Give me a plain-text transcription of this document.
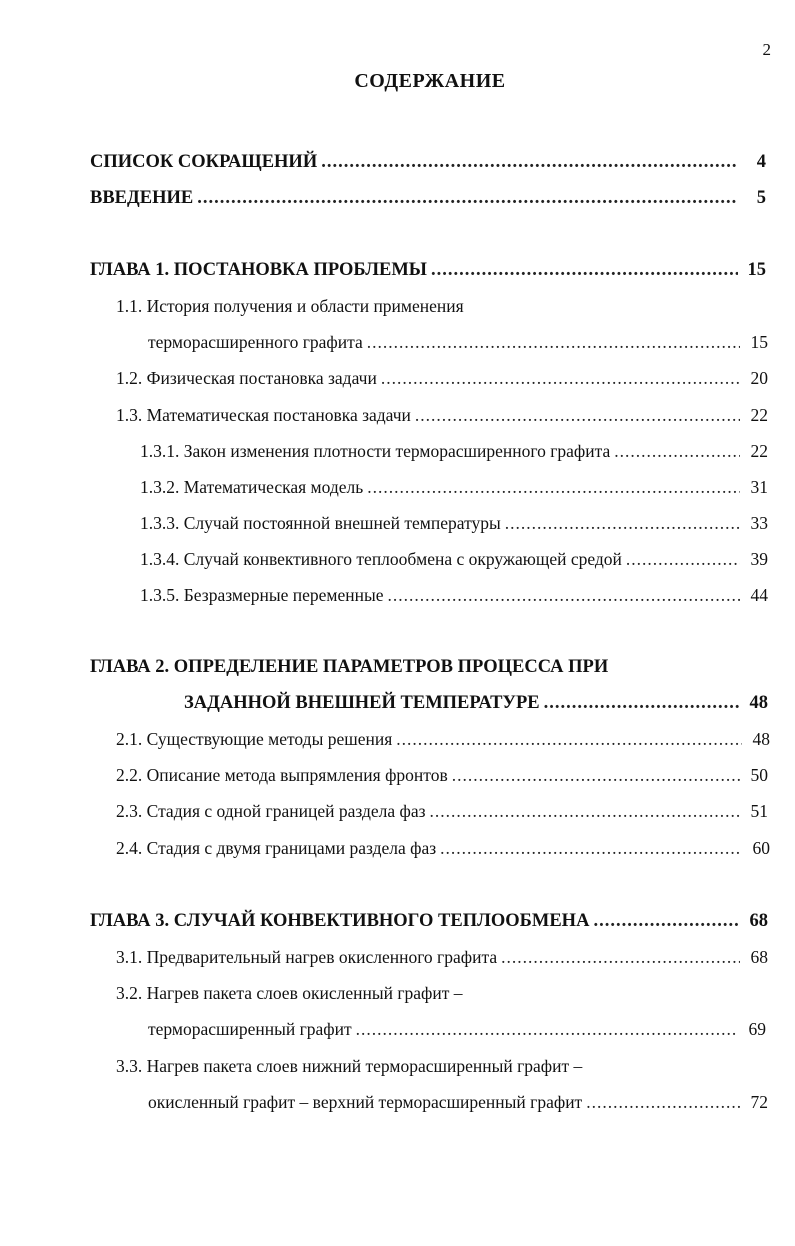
2
СОДЕРЖАНИЕ
СПИСОК СОКРАЩЕНИЙ .....	4
ВВЕДЕНИЕ .....	5
ГЛАВА 1.
ПОСТАНОВКА ПРОБЛЕМЫ .....	15
1.1. История получения и области применения
терморасширенного графита .....	15
1.2.
Физическая постановка задачи .....	20
1.3.
Математическая постановка задачи .....	22
1.3.1.
Закон изменения плотности терморасширенного графита .....	22
1.3.2.
Математическая модель .....	31
1.3.3.
Случай постоянной внешней температуры .....	33
1.3.4.
Случай конвективного теплообмена с окружающей средой .....	39
1.3.5.
Безразмерные переменные .....	44
ГЛАВА 2. ОПРЕДЕЛЕНИЕ ПАРАМЕТРОВ ПРОЦЕССА ПРИ
ЗАДАННОЙ ВНЕШНЕЙ ТЕМПЕРАТУРЕ .....	48
2.1.
Существующие методы решения .....	48
2.2.
Описание метода выпрямления фронтов .....	50
2.3.
Стадия с одной границей раздела фаз .....	51
2.4.
Стадия с двумя границами раздела фаз .....	60
ГЛАВА 3.
СЛУЧАЙ КОНВЕКТИВНОГО ТЕПЛООБМЕНА .....	68
3.1.
Предварительный нагрев окисленного графита .....	68
3.2. Нагрев пакета слоев окисленный графит –
терморасширенный графит .....	69
3.3. Нагрев пакета слоев нижний терморасширенный графит –
окисленный графит – верхний терморасширенный графит .....	72
